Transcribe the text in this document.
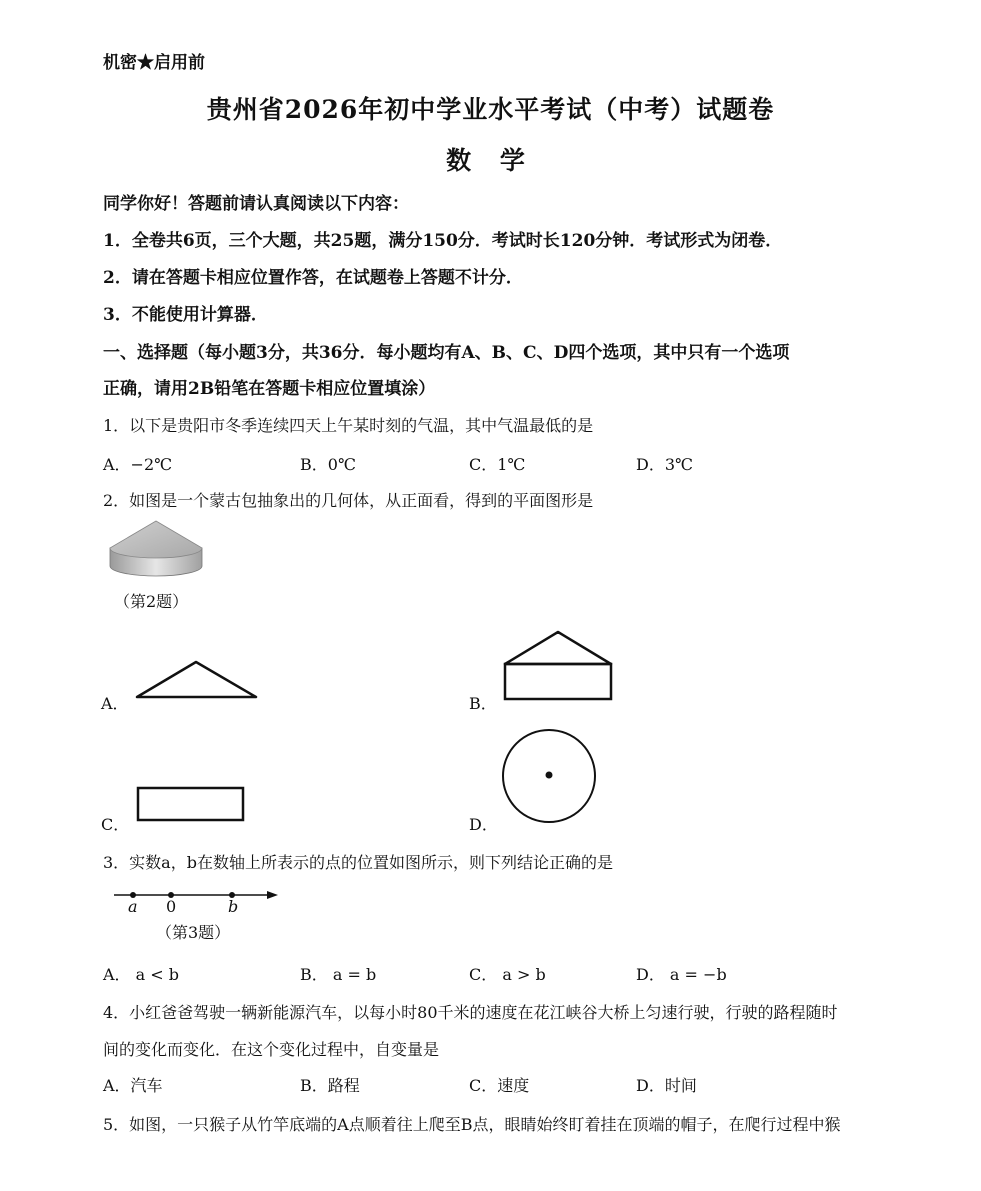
机密★启用前
贵州省2026年初中学业水平考试（中考）试题卷
数 学
同学你好！答题前请认真阅读以下内容：
1．全卷共6页，三个大题，共25题，满分150分．考试时长120分钟．考试形式为闭卷．
2．请在答题卡相应位置作答，在试题卷上答题不计分．
3．不能使用计算器．
一、选择题（每小题3分，共36分．每小题均有A、B、C、D四个选项，其中只有一个选项
正确，请用2B铅笔在答题卡相应位置填涂）
1．以下是贵阳市冬季连续四天上午某时刻的气温，其中气温最低的是
A．−2℃	B．0℃	C．1℃	D．3℃
2．如图是一个蒙古包抽象出的几何体，从正面看，得到的平面图形是
（第2题）
A．	B．
C．	D．
3．实数a，b在数轴上所表示的点的位置如图所示，则下列结论正确的是
a 0	b
（第3题）
A． a < b	B． a = b	C． a > b	D． a = −b
4．小红爸爸驾驶一辆新能源汽车，以每小时80千米的速度在花江峡谷大桥上匀速行驶，行驶的路程随时
间的变化而变化．在这个变化过程中，自变量是
A．汽车	B．路程	C．速度	D．时间
5．如图，一只猴子从竹竿底端的A点顺着往上爬至B点，眼睛始终盯着挂在顶端的帽子，在爬行过程中猴
